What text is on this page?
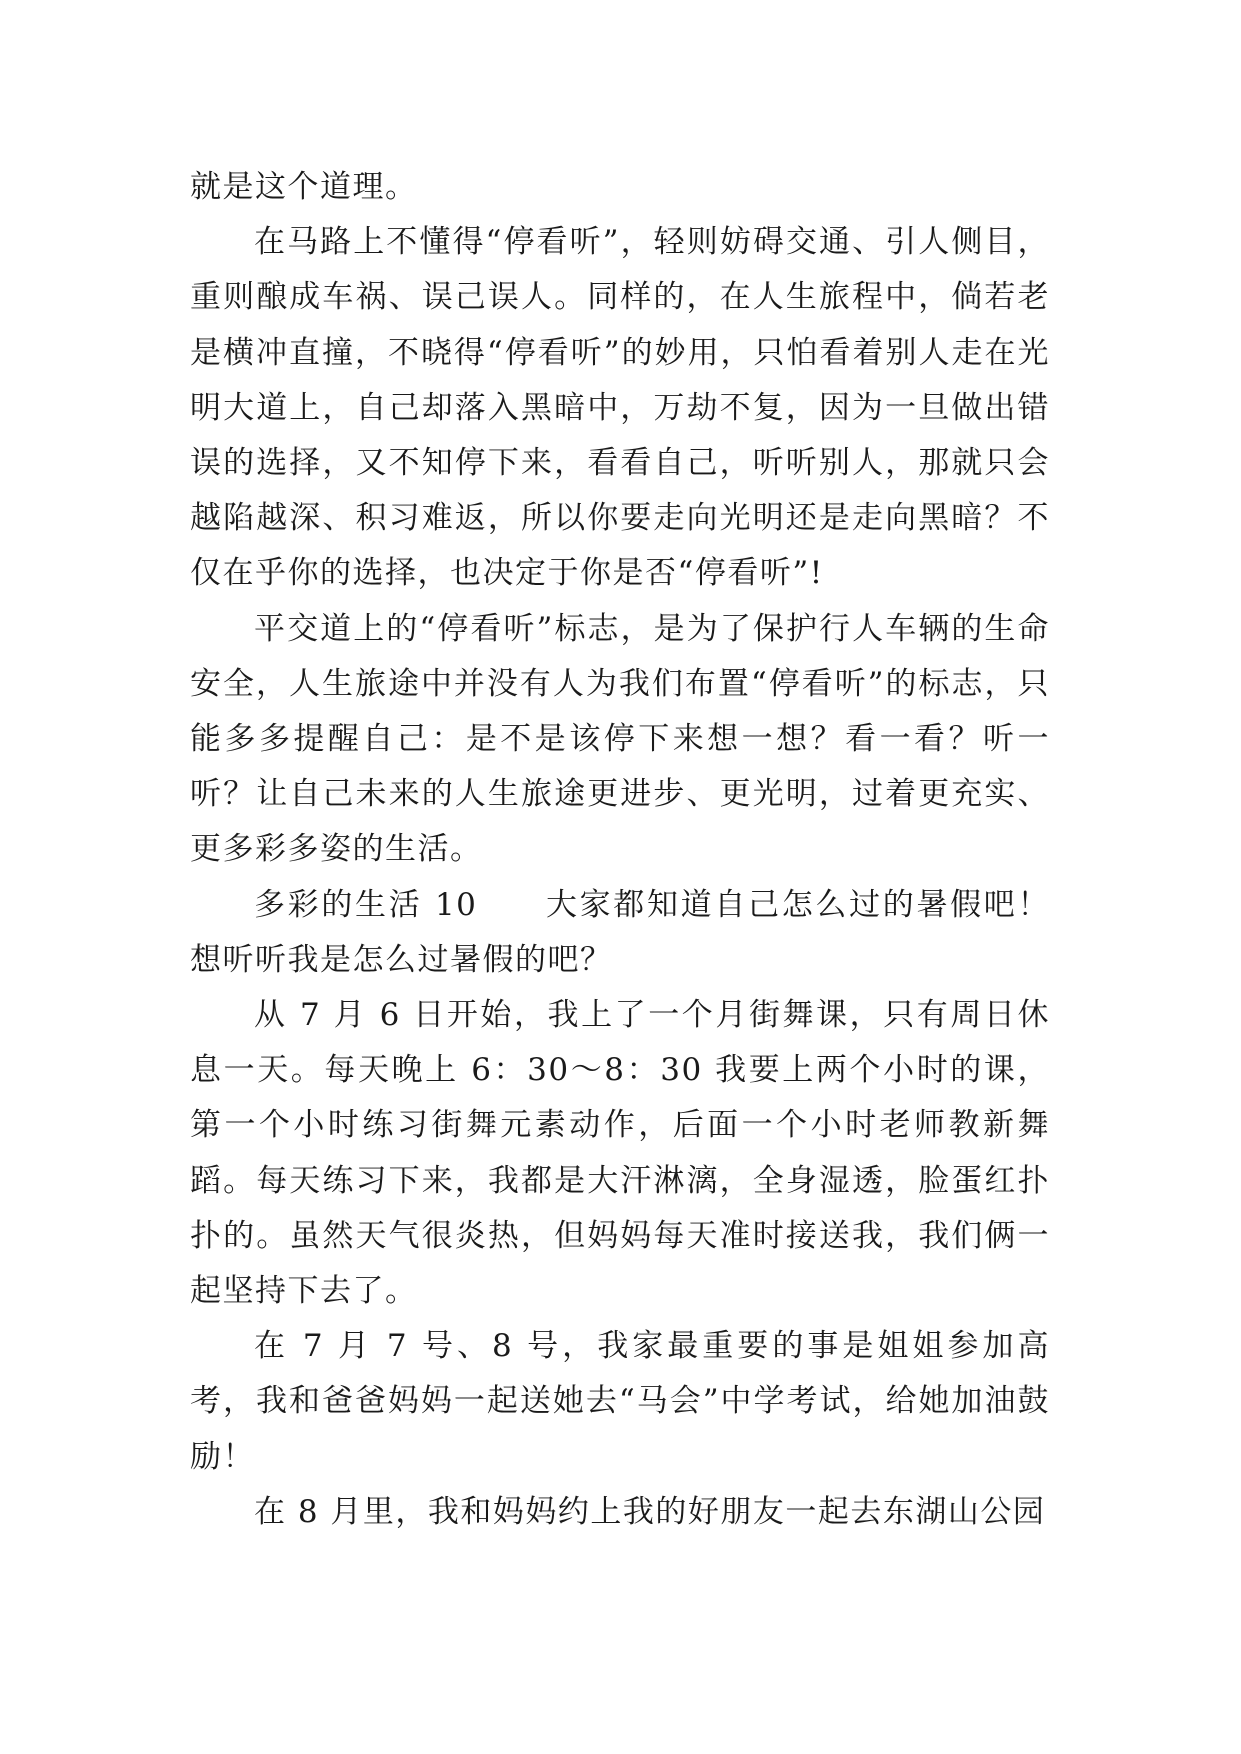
就是这个道理。

在马路上不懂得“停看听”，轻则妨碍交通、引人侧目，重则酿成车祸、误己误人。同样的，在人生旅程中，倘若老是横冲直撞，不晓得“停看听”的妙用，只怕看着别人走在光明大道上，自己却落入黑暗中，万劫不复，因为一旦做出错误的选择，又不知停下来，看看自己，听听别人，那就只会越陷越深、积习难返，所以你要走向光明还是走向黑暗？不仅在乎你的选择，也决定于你是否“停看听”!

平交道上的“停看听”标志，是为了保护行人车辆的生命安全，人生旅途中并没有人为我们布置“停看听”的标志，只能多多提醒自己：是不是该停下来想一想？看一看？听一听？让自己未来的人生旅途更进步、更光明，过着更充实、更多彩多姿的生活。

多彩的生活 10　　大家都知道自己怎么过的暑假吧！想听听我是怎么过暑假的吧？

从 7 月 6 日开始，我上了一个月街舞课，只有周日休息一天。每天晚上 6：30～8：30 我要上两个小时的课，第一个小时练习街舞元素动作，后面一个小时老师教新舞蹈。每天练习下来，我都是大汗淋漓，全身湿透，脸蛋红扑扑的。虽然天气很炎热，但妈妈每天准时接送我，我们俩一起坚持下去了。

在 7 月 7 号、8 号，我家最重要的事是姐姐参加高考，我和爸爸妈妈一起送她去“马会”中学考试，给她加油鼓励！

在 8 月里，我和妈妈约上我的好朋友一起去东湖山公园
